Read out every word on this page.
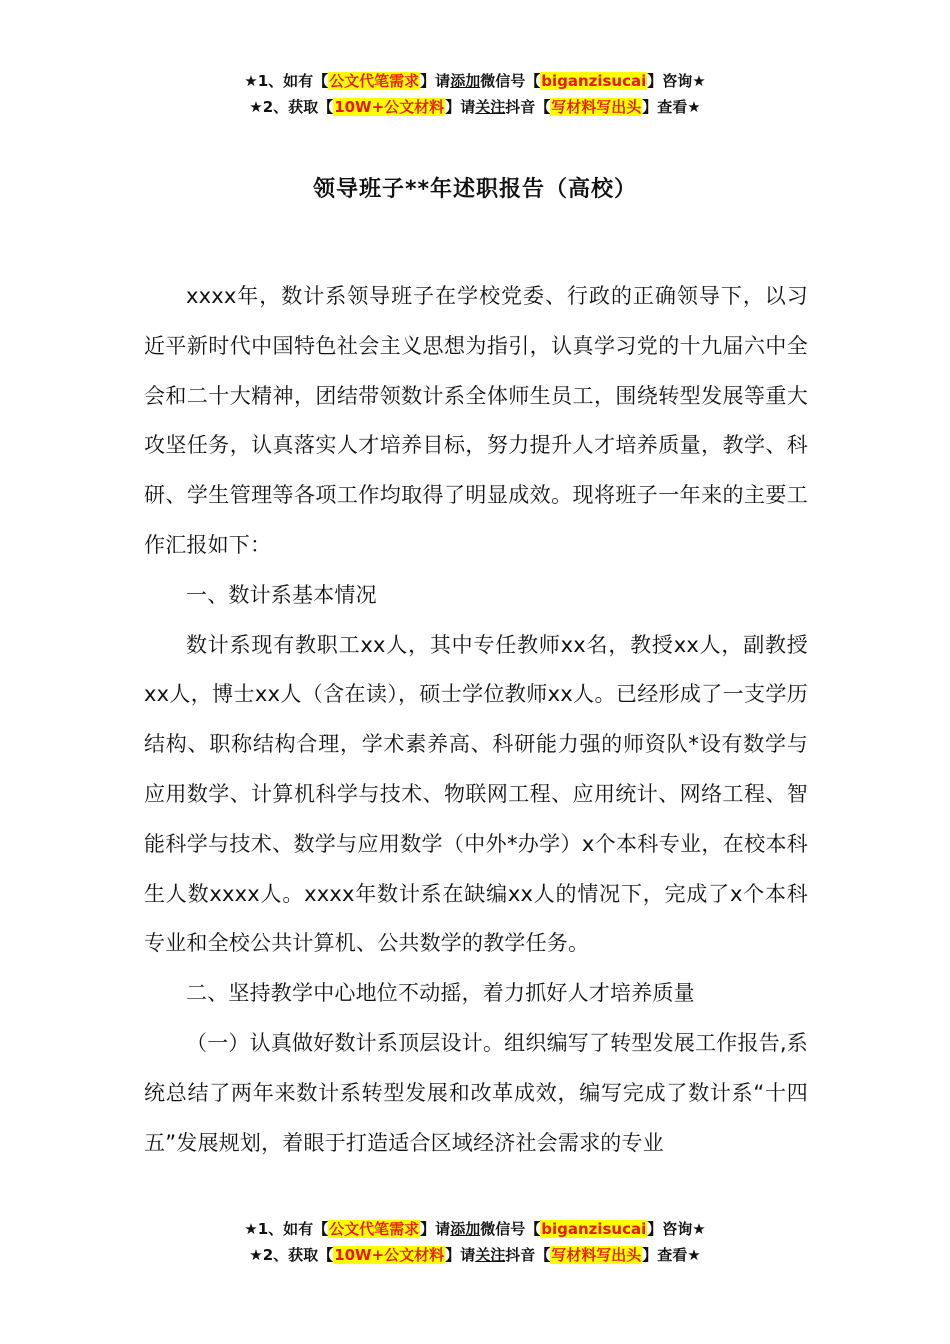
★1、如有【公文代笔需求】请添加微信号【biganzisucai】咨询★
★2、获取【10W+公文材料】请关注抖音【写材料写出头】查看★
领导班子**年述职报告（高校）

xxxx年，数计系领导班子在学校党委、行政的正确领导下，以习近平新时代中国特色社会主义思想为指引，认真学习党的十九届六中全会和二十大精神，团结带领数计系全体师生员工，围绕转型发展等重大攻坚任务，认真落实人才培养目标，努力提升人才培养质量，教学、科研、学生管理等各项工作均取得了明显成效。现将班子一年来的主要工作汇报如下：

一、数计系基本情况

数计系现有教职工xx人，其中专任教师xx名，教授xx人，副教授xx人，博士xx人（含在读），硕士学位教师xx人。已经形成了一支学历结构、职称结构合理，学术素养高、科研能力强的师资队*设有数学与应用数学、计算机科学与技术、物联网工程、应用统计、网络工程、智能科学与技术、数学与应用数学（中外*办学）x个本科专业，在校本科生人数xxxx人。xxxx年数计系在缺编xx人的情况下，完成了x个本科专业和全校公共计算机、公共数学的教学任务。

二、坚持教学中心地位不动摇，着力抓好人才培养质量

（一）认真做好数计系顶层设计。组织编写了转型发展工作报告,系统总结了两年来数计系转型发展和改革成效，编写完成了数计系“十四五”发展规划，着眼于打造适合区域经济社会需求的专业

★1、如有【公文代笔需求】请添加微信号【biganzisucai】咨询★
★2、获取【10W+公文材料】请关注抖音【写材料写出头】查看★
